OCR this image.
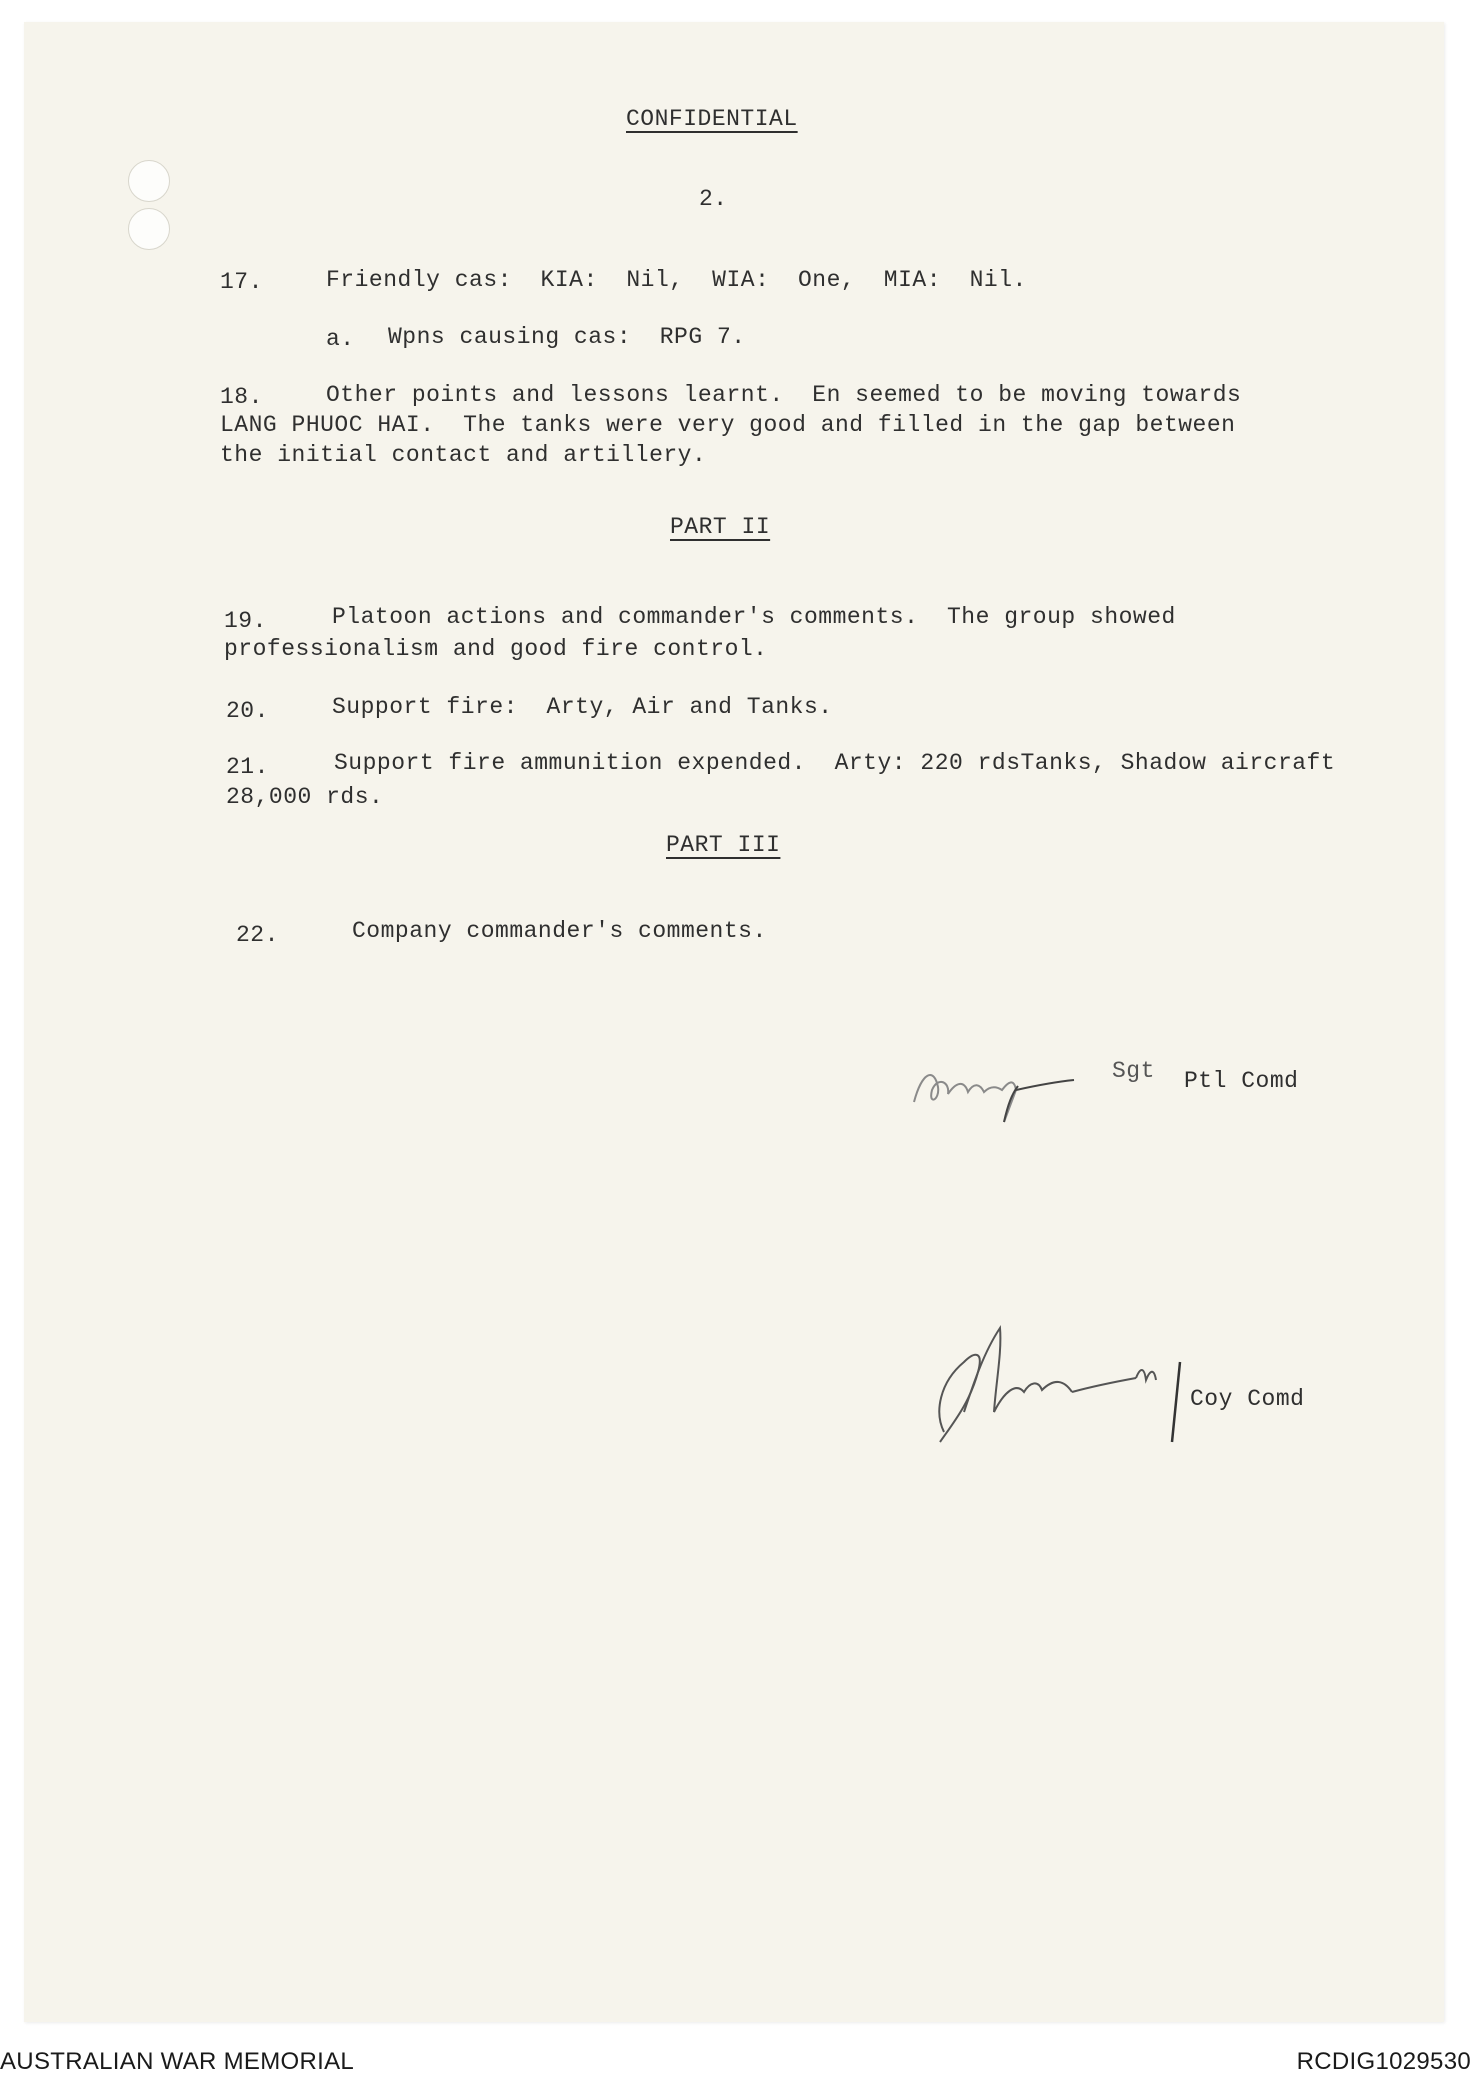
CONFIDENTIAL
2.
17.	Friendly cas:  KIA:  Nil,  WIA:  One,  MIA:  Nil.
a. Wpns causing cas:  RPG 7.
18.	Other points and lessons learnt.  En seemed to be moving towards
LANG PHUOC HAI.  The tanks were very good and filled in the gap between
the initial contact and artillery.
PART II
19.	Platoon actions and commander's comments.  The group showed
professionalism and good fire control.
20.	Support fire:  Arty, Air and Tanks.
21.	Support fire ammunition expended.  Arty: 220 rdsTanks, Shadow aircraft
28,000 rds.
PART III
22.	Company commander's comments.
Sgt Ptl Comd
Coy Comd
AUSTRALIAN WAR MEMORIAL	RCDIG1029530
